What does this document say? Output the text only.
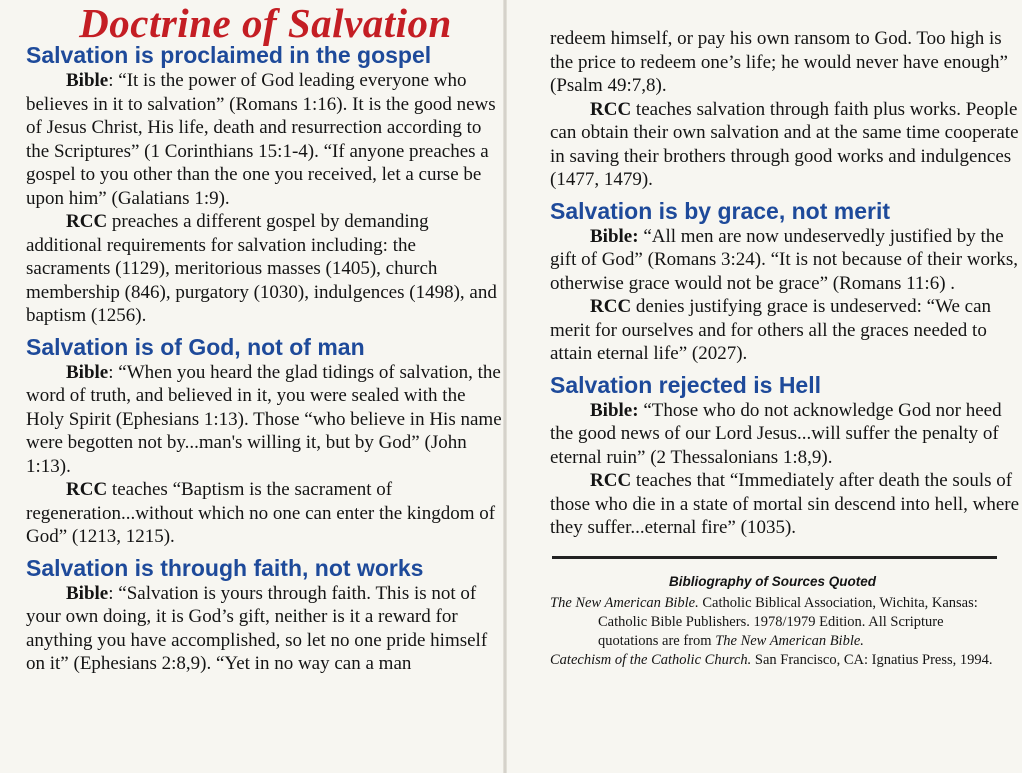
Doctrine of Salvation
Salvation is proclaimed in the gospel

Bible: “It is the power of God leading everyone who believes in it to salvation” (Romans 1:16). It is the good news of Jesus Christ, His life, death and resurrection according to the Scriptures” (1 Corinthians 15:1-4). “If anyone preaches a gospel to you other than the one you received, let a curse be upon him” (Galatians 1:9).

RCC preaches a different gospel by demanding additional requirements for salvation including: the sacraments (1129), meritorious masses (1405), church membership (846), purgatory (1030), indulgences (1498), and baptism (1256).

Salvation is of God, not of man

Bible: “When you heard the glad tidings of salvation, the word of truth, and believed in it, you were sealed with the Holy Spirit (Ephesians 1:13). Those “who believe in His name were begotten not by...man's willing it, but by God” (John 1:13).

RCC teaches “Baptism is the sacrament of regeneration...without which no one can enter the kingdom of God” (1213, 1215).

Salvation is through faith, not works

Bible: “Salvation is yours through faith. This is not of your own doing, it is God’s gift, neither is it a reward for anything you have accomplished, so let no one pride himself on it” (Ephesians 2:8,9). “Yet in no way can a man

redeem himself, or pay his own ransom to God. Too high is the price to redeem one’s life; he would never have enough” (Psalm 49:7,8).

RCC teaches salvation through faith plus works. People can obtain their own salvation and at the same time cooperate in saving their brothers through good works and indulgences (1477, 1479).

Salvation is by grace, not merit

Bible: “All men are now undeservedly justified by the gift of God” (Romans 3:24). “It is not because of their works, otherwise grace would not be grace” (Romans 11:6) .

RCC denies justifying grace is undeserved: “We can merit for ourselves and for others all the graces needed to attain eternal life” (2027).

Salvation rejected is Hell

Bible: “Those who do not acknowledge God nor heed the good news of our Lord Jesus...will suffer the penalty of eternal ruin” (2 Thessalonians 1:8,9).

RCC teaches that “Immediately after death the souls of those who die in a state of mortal sin descend into hell, where they suffer...eternal fire” (1035).

Bibliography of Sources Quoted
The New American Bible. Catholic Biblical Association, Wichita, Kansas: Catholic Bible Publishers. 1978/1979 Edition. All Scripture quotations are from The New American Bible.
Catechism of the Catholic Church. San Francisco, CA: Ignatius Press, 1994.
